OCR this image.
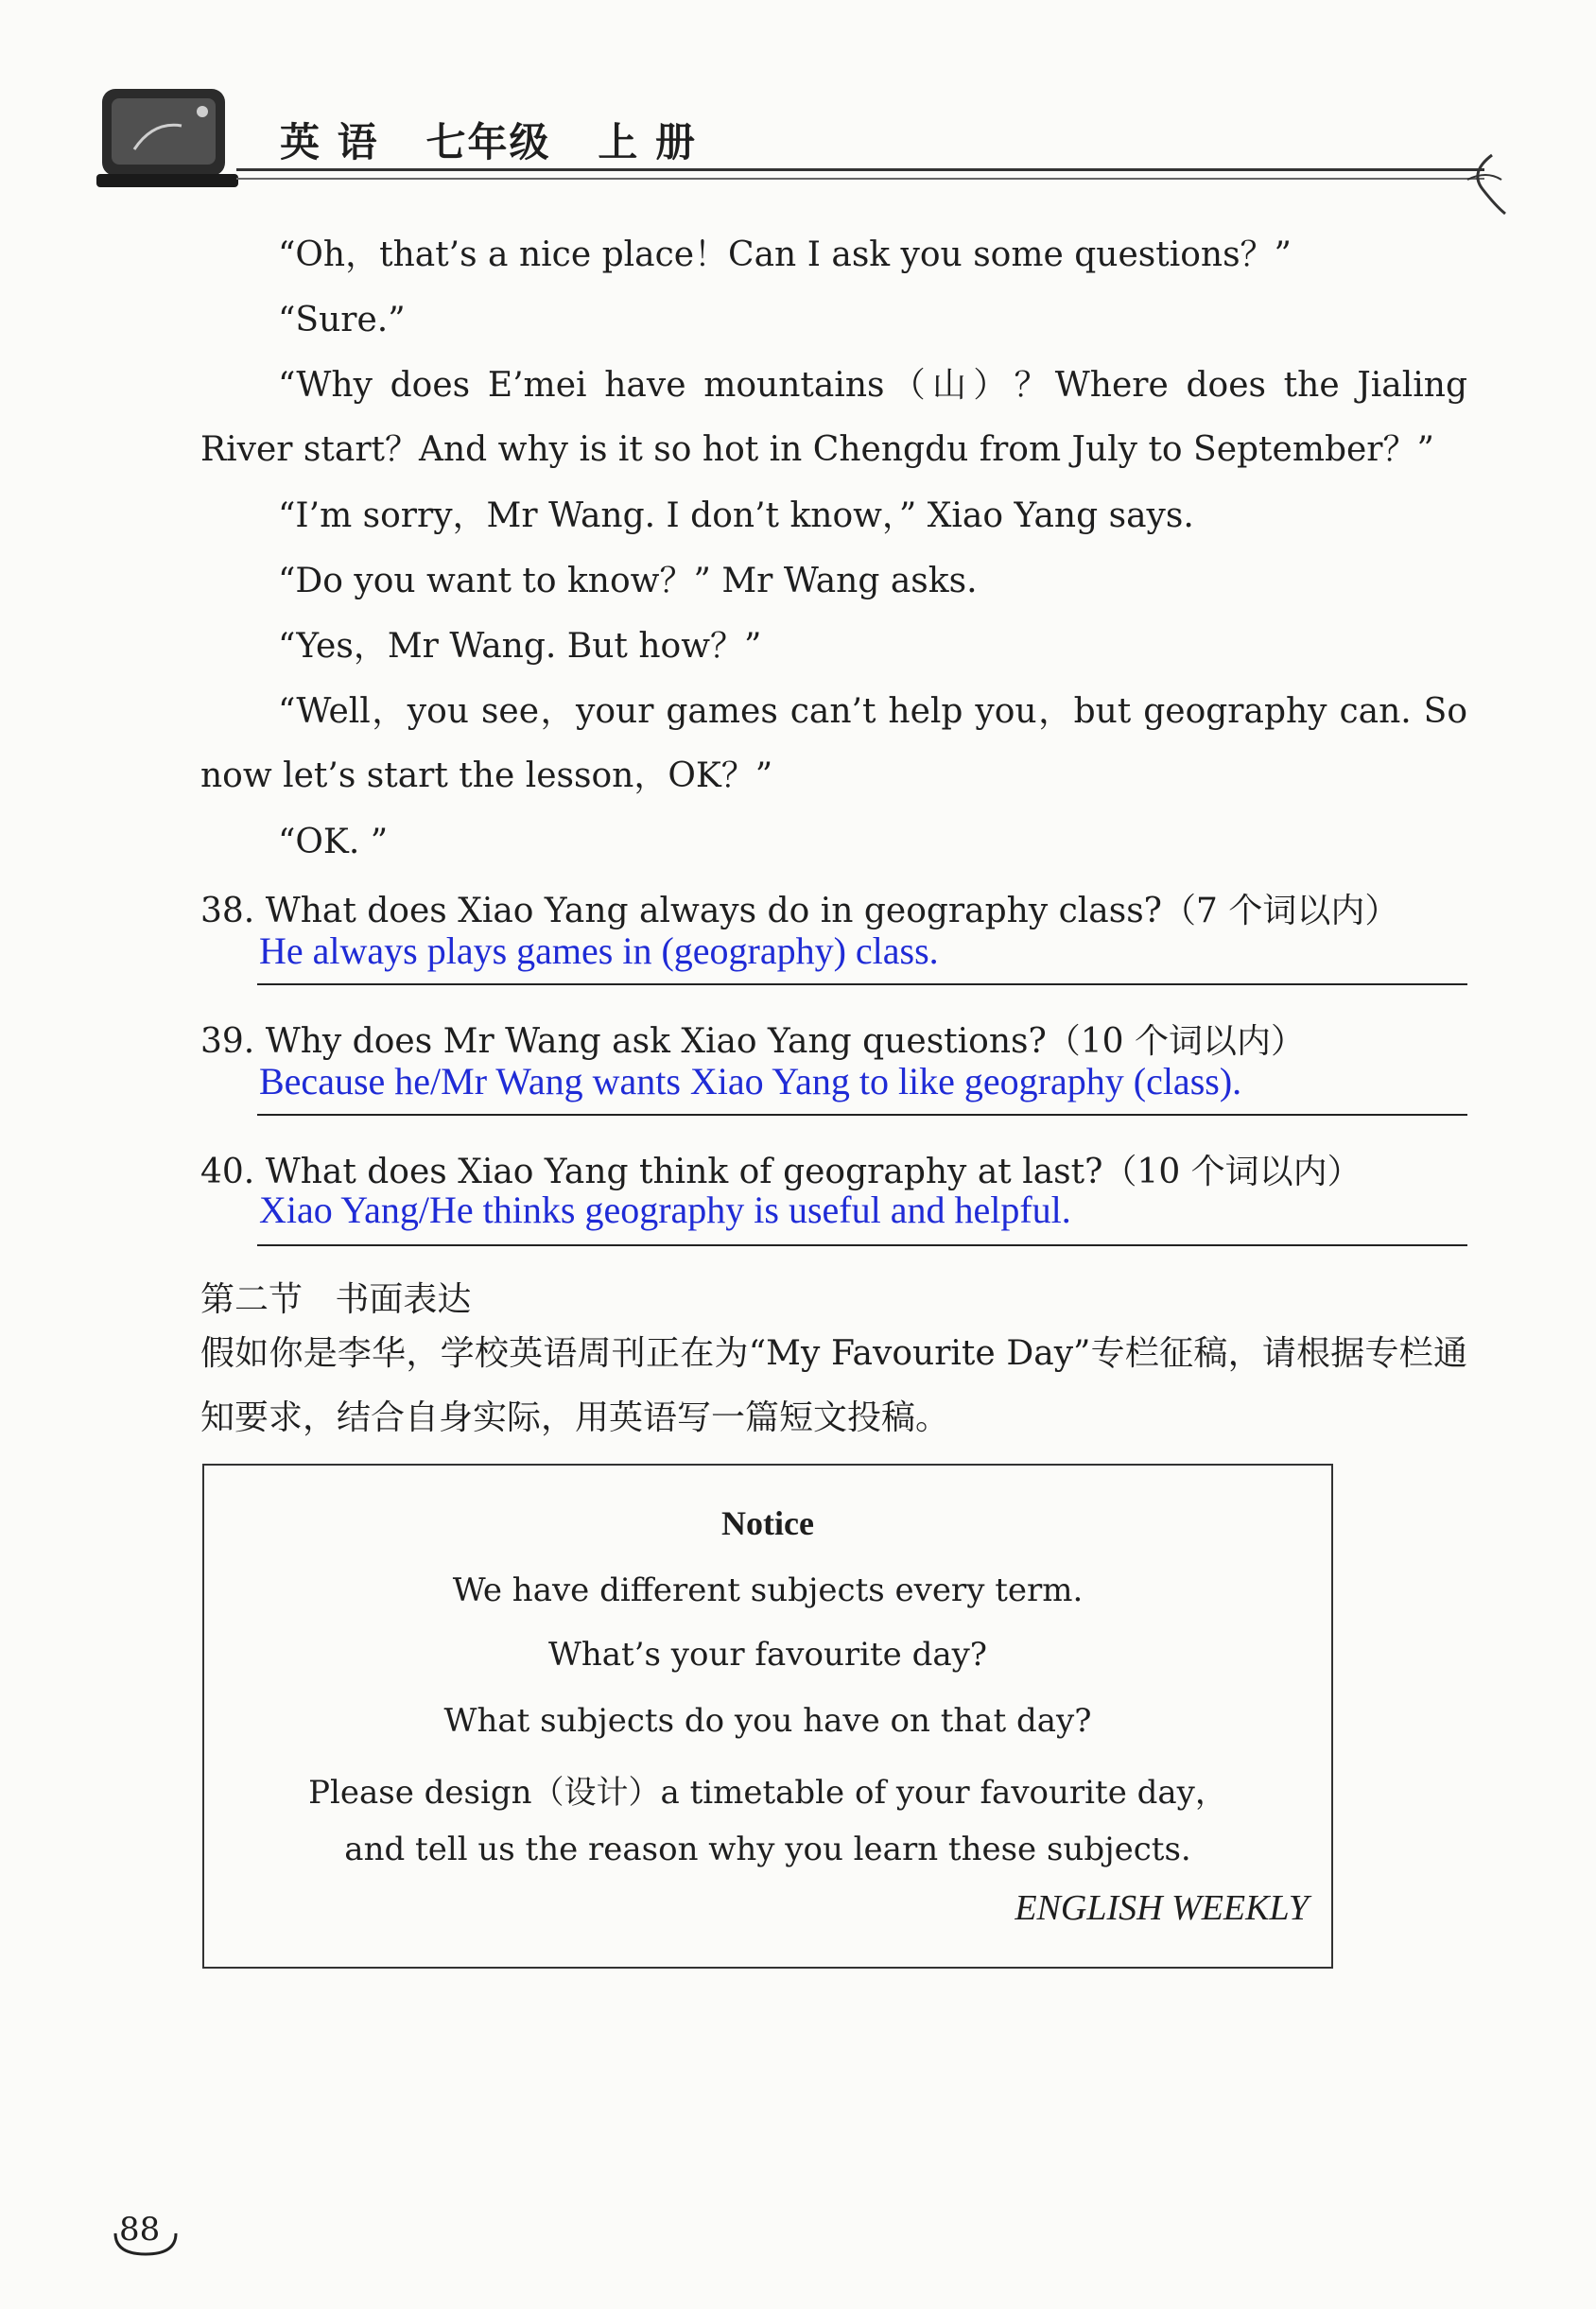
英 语   七年级   上 册

“Oh，that’s a nice place！Can I ask you some questions？”

“Sure.”

“Why does E’mei have mountains（山）？Where does the Jialing River start？And why is it so hot in Chengdu from July to September？”

“I’m sorry，Mr Wang. I don’t know，” Xiao Yang says.

“Do you want to know？” Mr Wang asks.

“Yes，Mr Wang. But how？”

“Well，you see，your games can’t help you，but geography can. So now let’s start the lesson，OK？”

“OK. ”

38. What does Xiao Yang always do in geography class?（7 个词以内）
He always plays games in (geography) class.
39. Why does Mr Wang ask Xiao Yang questions?（10 个词以内）
Because he/Mr Wang wants Xiao Yang to like geography (class).
40. What does Xiao Yang think of geography at last?（10 个词以内）
Xiao Yang/He thinks geography is useful and helpful.
第二节   书面表达

假如你是李华，学校英语周刊正在为“My Favourite Day”专栏征稿，请根据专栏通知要求，结合自身实际，用英语写一篇短文投稿。

Notice
We have different subjects every term.
What’s your favourite day?
What subjects do you have on that day?
Please design（设计）a timetable of your favourite day，
and tell us the reason why you learn these subjects.
ENGLISH WEEKLY
88
